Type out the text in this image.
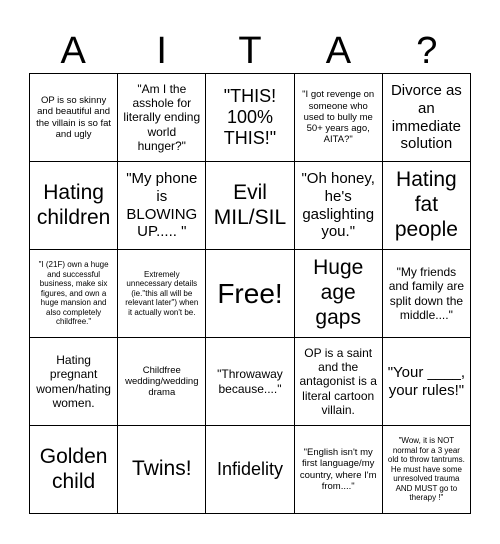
A	I	T	A	?
OP is so skinny and beautiful and the villain is so fat and ugly
"Am I the asshole for literally ending world hunger?"
"THIS! 100% THIS!"
"I got revenge on someone who used to bully me 50+ years ago, AITA?"
Divorce as an immediate solution
Hating children
"My phone is BLOWING UP..... "
Evil MIL/SIL
"Oh honey, he's gaslighting you."
Hating fat people
"I (21F) own a huge and successful business, make six figures, and own a huge mansion and also completely childfree."
Extremely unnecessary details (ie."this all will be relevant later") when it actually won't be.
Free!
Huge age gaps
"My friends and family are split down the middle...."
Hating pregnant women/hating women.
Childfree wedding/wedding drama
"Throwaway because...."
OP is a saint and the antagonist is a literal cartoon villain.
"Your ____, your rules!"
Golden child
Twins! Infidelity
"English isn't my first language/my country, where I'm from...."
"Wow, it is NOT normal for a 3 year old to throw tantrums. He must have some unresolved trauma AND MUST go to therapy !"
